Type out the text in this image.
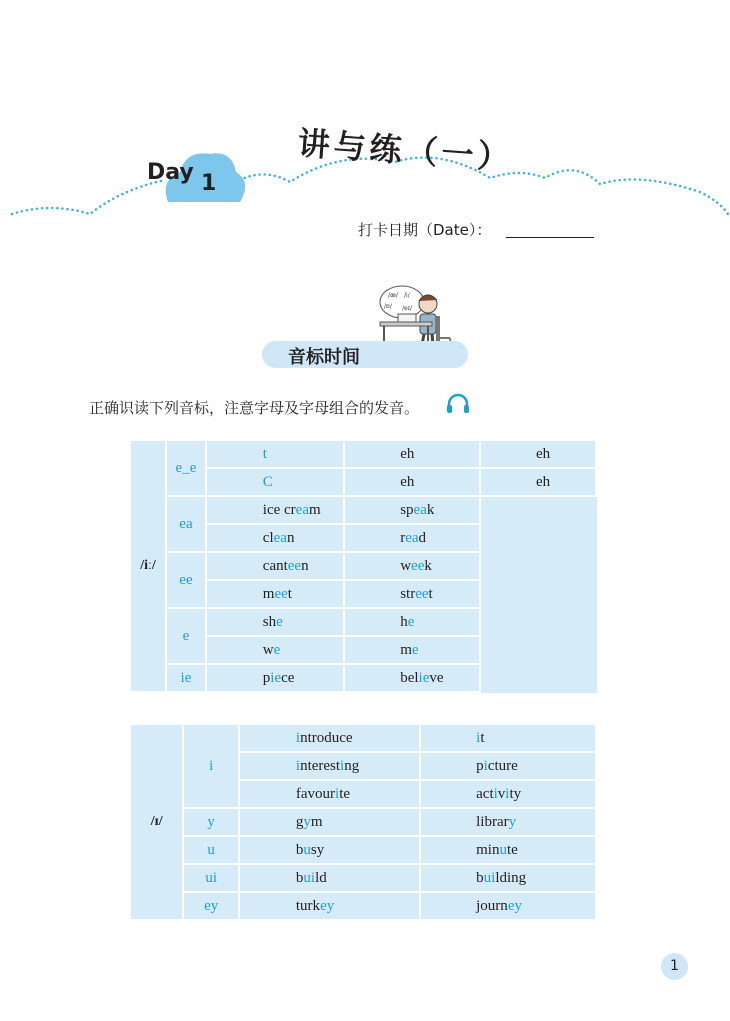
Day 1
讲与练（一）
打卡日期（Date）：
/æ/ /i/
/ɒ/ /eɪ/
音标时间
正确识读下列音标，注意字母及字母组合的发音。
/iː/	e_e	t	eh	eh
		C	eh	eh
	ea	ice cream	speak	
		clean	read	
	ee	canteen	week	
		meet	street	
	e	she	he	
		we	me	
	ie	piece	believe	
/ɪ/	i	introduce	it
		interesting	picture
		favourite	activity
	y	gym	library
	u	busy	minute
	ui	build	building
	ey	turkey	journey
1
